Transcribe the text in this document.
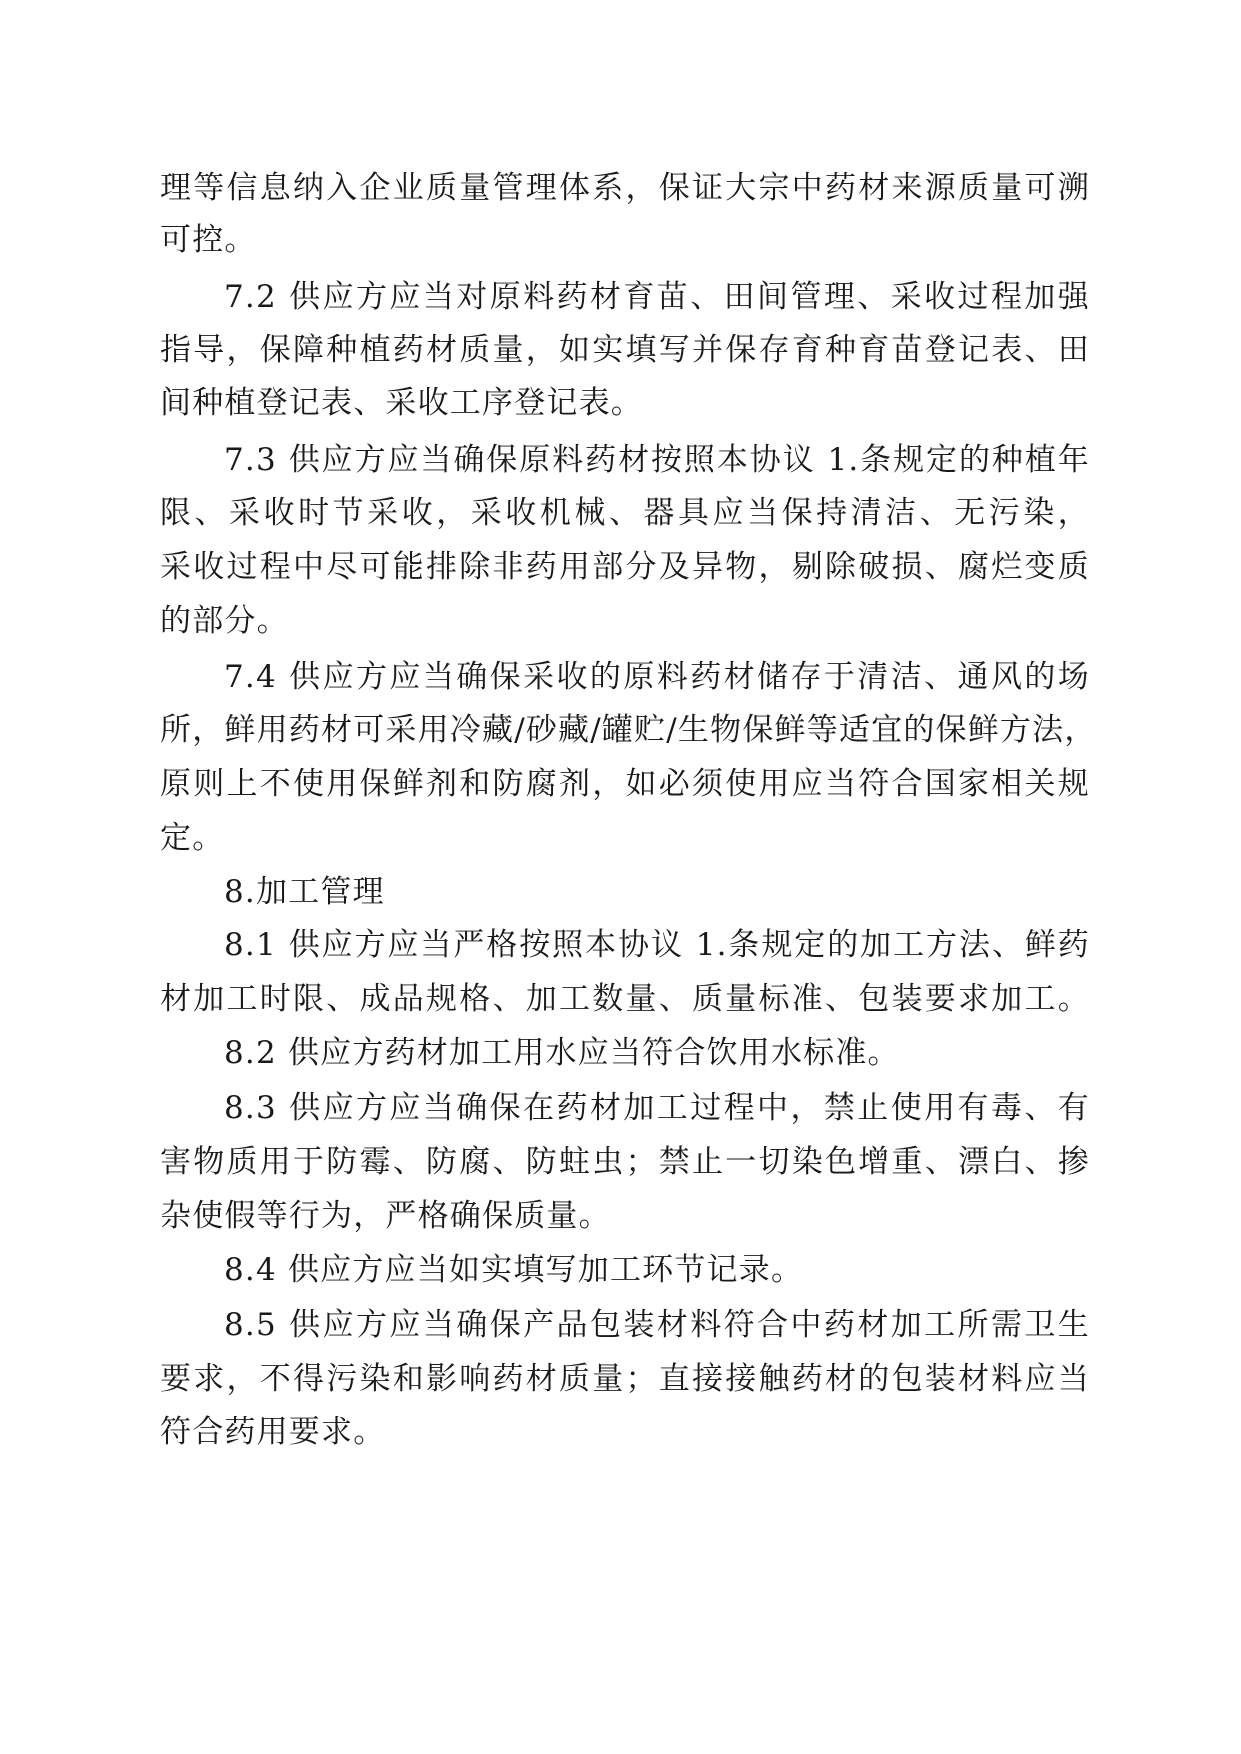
理等信息纳入企业质量管理体系，保证大宗中药材来源质量可溯
可控。
7.2 供应方应当对原料药材育苗、田间管理、采收过程加强
指导，保障种植药材质量，如实填写并保存育种育苗登记表、田
间种植登记表、采收工序登记表。
7.3 供应方应当确保原料药材按照本协议 1.条规定的种植年
限、采收时节采收，采收机械、器具应当保持清洁、无污染，
采收过程中尽可能排除非药用部分及异物，剔除破损、腐烂变质
的部分。
7.4 供应方应当确保采收的原料药材储存于清洁、通风的场
所，鲜用药材可采用冷藏/砂藏/罐贮/生物保鲜等适宜的保鲜方法，
原则上不使用保鲜剂和防腐剂，如必须使用应当符合国家相关规
定。
8.加工管理
8.1 供应方应当严格按照本协议 1.条规定的加工方法、鲜药
材加工时限、成品规格、加工数量、质量标准、包装要求加工。
8.2 供应方药材加工用水应当符合饮用水标准。
8.3 供应方应当确保在药材加工过程中，禁止使用有毒、有
害物质用于防霉、防腐、防蛀虫；禁止一切染色增重、漂白、掺
杂使假等行为，严格确保质量。
8.4 供应方应当如实填写加工环节记录。
8.5 供应方应当确保产品包装材料符合中药材加工所需卫生
要求，不得污染和影响药材质量；直接接触药材的包装材料应当
符合药用要求。
